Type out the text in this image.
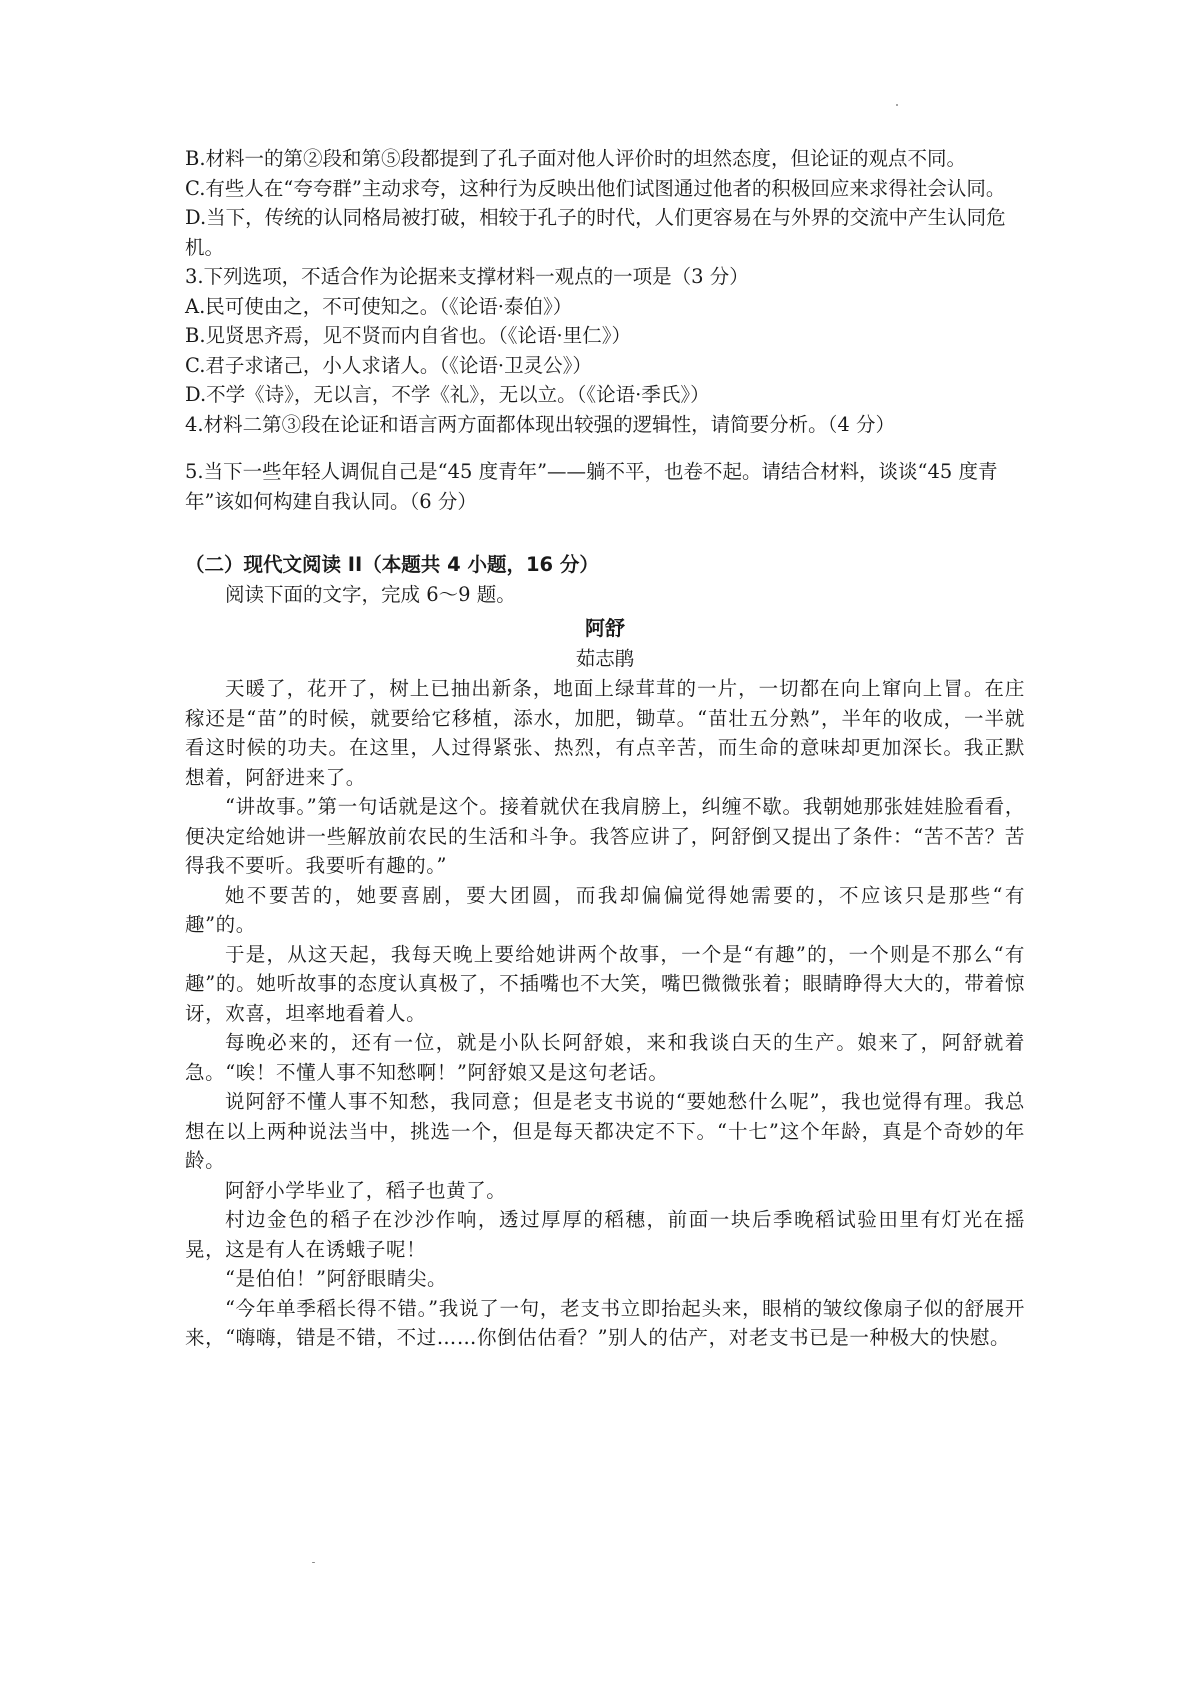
B.材料一的第②段和第⑤段都提到了孔子面对他人评价时的坦然态度，但论证的观点不同。

C.有些人在“夸夸群”主动求夸，这种行为反映出他们试图通过他者的积极回应来求得社会认同。

D.当下，传统的认同格局被打破，相较于孔子的时代，人们更容易在与外界的交流中产生认同危机。

3.下列选项，不适合作为论据来支撑材料一观点的一项是（3 分）

A.民可使由之，不可使知之。（《论语·泰伯》）

B.见贤思齐焉，见不贤而内自省也。（《论语·里仁》）

C.君子求诸己，小人求诸人。（《论语·卫灵公》）

D.不学《诗》，无以言，不学《礼》，无以立。（《论语·季氏》）

4.材料二第③段在论证和语言两方面都体现出较强的逻辑性，请简要分析。（4 分）

5.当下一些年轻人调侃自己是“45 度青年”——躺不平，也卷不起。请结合材料，谈谈“45 度青年”该如何构建自我认同。（6 分）

（二）现代文阅读 II（本题共 4 小题，16 分）

阅读下面的文字，完成 6～9 题。

阿舒

茹志鹃

天暖了，花开了，树上已抽出新条，地面上绿茸茸的一片，一切都在向上窜向上冒。在庄稼还是“苗”的时候，就要给它移植，添水，加肥，锄草。“苗壮五分熟”，半年的收成，一半就看这时候的功夫。在这里，人过得紧张、热烈，有点辛苦，而生命的意味却更加深长。我正默想着，阿舒进来了。

“讲故事。”第一句话就是这个。接着就伏在我肩膀上，纠缠不歇。我朝她那张娃娃脸看看，便决定给她讲一些解放前农民的生活和斗争。我答应讲了，阿舒倒又提出了条件：“苦不苦？苦得我不要听。我要听有趣的。”

她不要苦的，她要喜剧，要大团圆，而我却偏偏觉得她需要的，不应该只是那些“有趣”的。

于是，从这天起，我每天晚上要给她讲两个故事，一个是“有趣”的，一个则是不那么“有趣”的。她听故事的态度认真极了，不插嘴也不大笑，嘴巴微微张着；眼睛睁得大大的，带着惊讶，欢喜，坦率地看着人。

每晚必来的，还有一位，就是小队长阿舒娘，来和我谈白天的生产。娘来了，阿舒就着急。“唉！不懂人事不知愁啊！”阿舒娘又是这句老话。

说阿舒不懂人事不知愁，我同意；但是老支书说的“要她愁什么呢”，我也觉得有理。我总想在以上两种说法当中，挑选一个，但是每天都决定不下。“十七”这个年龄，真是个奇妙的年龄。

阿舒小学毕业了，稻子也黄了。

村边金色的稻子在沙沙作响，透过厚厚的稻穗，前面一块后季晚稻试验田里有灯光在摇晃，这是有人在诱蛾子呢！

“是伯伯！”阿舒眼睛尖。

“今年单季稻长得不错。”我说了一句，老支书立即抬起头来，眼梢的皱纹像扇子似的舒展开来，“嗨嗨，错是不错，不过……你倒估估看？”别人的估产，对老支书已是一种极大的快慰。
